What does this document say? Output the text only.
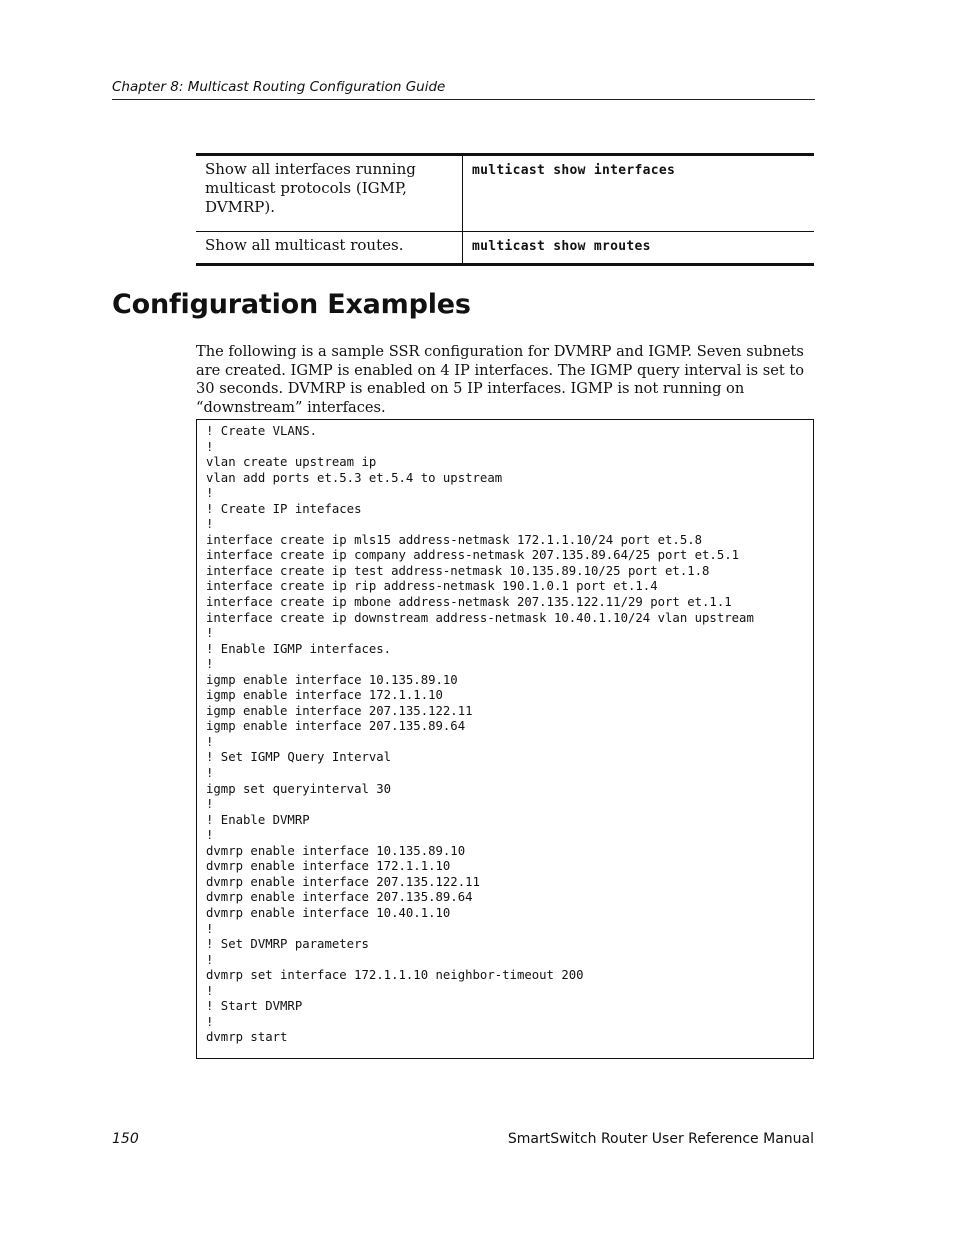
Chapter 8: Multicast Routing Configuration Guide
Show all interfaces running multicast protocols (IGMP, DVMRP).	multicast show interfaces
Show all multicast routes.	multicast show mroutes
Configuration Examples

The following is a sample SSR configuration for DVMRP and IGMP. Seven subnets are created. IGMP is enabled on 4 IP interfaces. The IGMP query interval is set to 30 seconds. DVMRP is enabled on 5 IP interfaces. IGMP is not running on “downstream” interfaces.

! Create VLANS.
!
vlan create upstream ip
vlan add ports et.5.3 et.5.4 to upstream
!
! Create IP intefaces
!
interface create ip mls15 address-netmask 172.1.1.10/24 port et.5.8
interface create ip company address-netmask 207.135.89.64/25 port et.5.1
interface create ip test address-netmask 10.135.89.10/25 port et.1.8
interface create ip rip address-netmask 190.1.0.1 port et.1.4
interface create ip mbone address-netmask 207.135.122.11/29 port et.1.1
interface create ip downstream address-netmask 10.40.1.10/24 vlan upstream
!
! Enable IGMP interfaces.
!
igmp enable interface 10.135.89.10
igmp enable interface 172.1.1.10
igmp enable interface 207.135.122.11
igmp enable interface 207.135.89.64
!
! Set IGMP Query Interval
!
igmp set queryinterval 30
!
! Enable DVMRP
!
dvmrp enable interface 10.135.89.10
dvmrp enable interface 172.1.1.10
dvmrp enable interface 207.135.122.11
dvmrp enable interface 207.135.89.64
dvmrp enable interface 10.40.1.10
!
! Set DVMRP parameters
!
dvmrp set interface 172.1.1.10 neighbor-timeout 200
!
! Start DVMRP
!
dvmrp start

150	SmartSwitch Router User Reference Manual
